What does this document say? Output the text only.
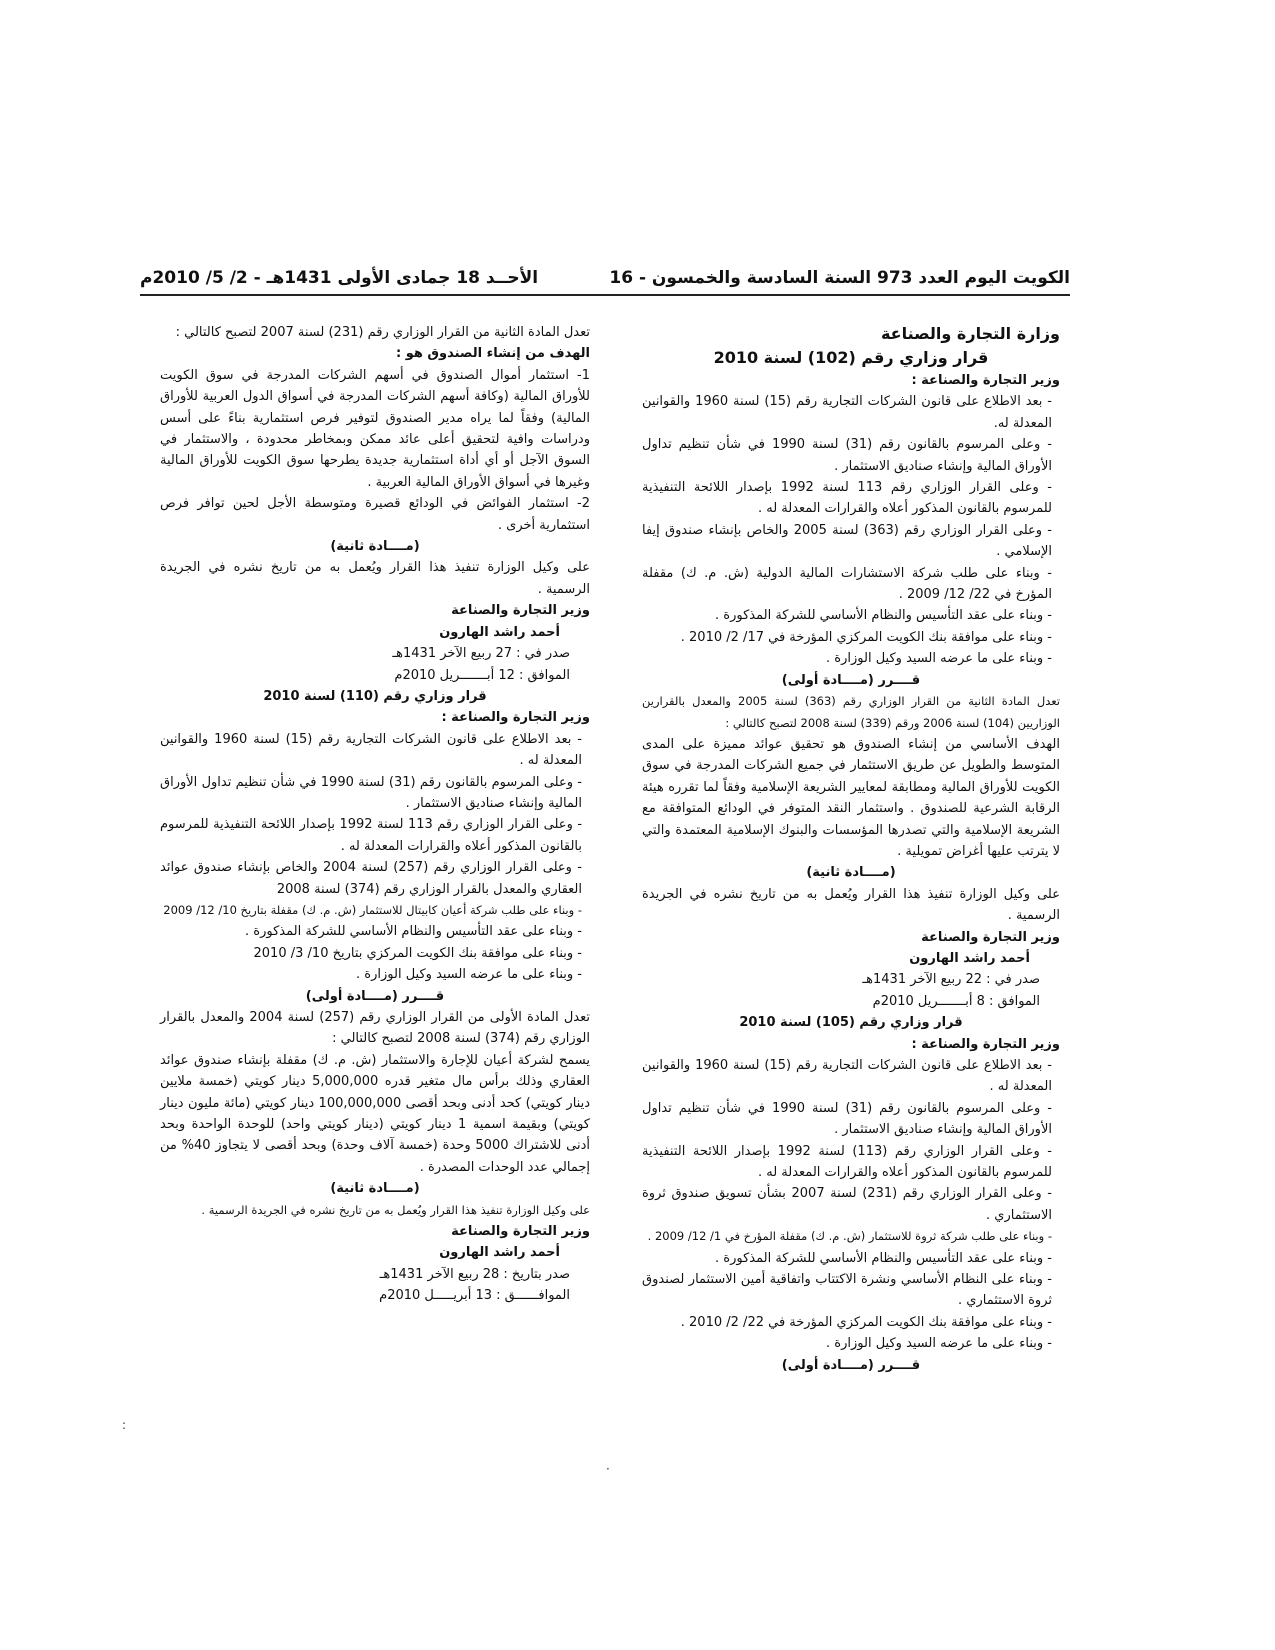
الكويت اليوم العدد 973 السنة السادسة والخمسون - 16
الأحــد 18 جمادى الأولى 1431هـ - 2/ 5/ 2010م

وزارة التجارة والصناعة

قرار وزاري رقم (102) لسنة 2010

وزير التجارة والصناعة :

- بعد الاطلاع على قانون الشركات التجارية رقم (15) لسنة 1960 والقوانين المعدلة له.

- وعلى المرسوم بالقانون رقم (31) لسنة 1990 في شأن تنظيم تداول الأوراق المالية وإنشاء صناديق الاستثمار .

- وعلى القرار الوزاري رقم 113 لسنة 1992 بإصدار اللائحة التنفيذية للمرسوم بالقانون المذكور أعلاه والقرارات المعدلة له .

- وعلى القرار الوزاري رقم (363) لسنة 2005 والخاص بإنشاء صندوق إيفا الإسلامي .

- وبناء على طلب شركة الاستشارات المالية الدولية (ش. م. ك) مقفلة المؤرخ في 22/ 12/ 2009 .

- وبناء على عقد التأسيس والنظام الأساسي للشركة المذكورة .

- وبناء على موافقة بنك الكويت المركزي المؤرخة في 17/ 2/ 2010 .

- وبناء على ما عرضه السيد وكيل الوزارة .

قــــرر (مــــادة أولى)

تعدل المادة الثانية من القرار الوزاري رقم (363) لسنة 2005 والمعدل بالقرارين الوزاريين (104) لسنة 2006 ورقم (339) لسنة 2008 لتصبح كالتالي :

الهدف الأساسي من إنشاء الصندوق هو تحقيق عوائد مميزة على المدى المتوسط والطويل عن طريق الاستثمار في جميع الشركات المدرجة في سوق الكويت للأوراق المالية ومطابقة لمعايير الشريعة الإسلامية وفقاً لما تقرره هيئة الرقابة الشرعية للصندوق . واستثمار النقد المتوفر في الودائع المتوافقة مع الشريعة الإسلامية والتي تصدرها المؤسسات والبنوك الإسلامية المعتمدة والتي لا يترتب عليها أغراض تمويلية .

(مــــادة ثانية)

على وكيل الوزارة تنفيذ هذا القرار ويُعمل به من تاريخ نشره في الجريدة الرسمية .

وزير التجارة والصناعة

أحمد راشد الهارون

صدر في : 22 ربيع الآخر 1431هـ

الموافق : 8 أبـــــــريل 2010م

قرار وزاري رقم (105) لسنة 2010

وزير التجارة والصناعة :

- بعد الاطلاع على قانون الشركات التجارية رقم (15) لسنة 1960 والقوانين المعدلة له .

- وعلى المرسوم بالقانون رقم (31) لسنة 1990 في شأن تنظيم تداول الأوراق المالية وإنشاء صناديق الاستثمار .

- وعلى القرار الوزاري رقم (113) لسنة 1992 بإصدار اللائحة التنفيذية للمرسوم بالقانون المذكور أعلاه والقرارات المعدلة له .

- وعلى القرار الوزاري رقم (231) لسنة 2007 بشأن تسويق صندوق ثروة الاستثماري .

- وبناء على طلب شركة ثروة للاستثمار (ش. م. ك) مقفلة المؤرخ في 1/ 12/ 2009 .

- وبناء على عقد التأسيس والنظام الأساسي للشركة المذكورة .

- وبناء على النظام الأساسي ونشرة الاكتتاب واتفاقية أمين الاستثمار لصندوق ثروة الاستثماري .

- وبناء على موافقة بنك الكويت المركزي المؤرخة في 22/ 2/ 2010 .

- وبناء على ما عرضه السيد وكيل الوزارة .

قــــرر (مــــادة أولى)

تعدل المادة الثانية من القرار الوزاري رقم (231) لسنة 2007 لتصبح كالتالي :

الهدف من إنشاء الصندوق هو :

1- استثمار أموال الصندوق في أسهم الشركات المدرجة في سوق الكويت للأوراق المالية (وكافة أسهم الشركات المدرجة في أسواق الدول العربية للأوراق المالية) وفقاً لما يراه مدير الصندوق لتوفير فرص استثمارية بناءً على أسس ودراسات وافية لتحقيق أعلى عائد ممكن وبمخاطر محدودة ، والاستثمار في السوق الآجل أو أي أداة استثمارية جديدة يطرحها سوق الكويت للأوراق المالية وغيرها في أسواق الأوراق المالية العربية .

2- استثمار الفوائض في الودائع قصيرة ومتوسطة الأجل لحين توافر فرص استثمارية أخرى .

(مــــادة ثانية)

على وكيل الوزارة تنفيذ هذا القرار ويُعمل به من تاريخ نشره في الجريدة الرسمية .

وزير التجارة والصناعة

أحمد راشد الهارون

صدر في : 27 ربيع الآخر 1431هـ

الموافق : 12 أبـــــــريل 2010م

قرار وزاري رقم (110) لسنة 2010

وزير التجارة والصناعة :

- بعد الاطلاع على قانون الشركات التجارية رقم (15) لسنة 1960 والقوانين المعدلة له .

- وعلى المرسوم بالقانون رقم (31) لسنة 1990 في شأن تنظيم تداول الأوراق المالية وإنشاء صناديق الاستثمار .

- وعلى القرار الوزاري رقم 113 لسنة 1992 بإصدار اللائحة التنفيذية للمرسوم بالقانون المذكور أعلاه والقرارات المعدلة له .

- وعلى القرار الوزاري رقم (257) لسنة 2004 والخاص بإنشاء صندوق عوائد العقاري والمعدل بالقرار الوزاري رقم (374) لسنة 2008

- وبناء على طلب شركة أعيان كابيتال للاستثمار (ش. م. ك) مقفلة بتاريخ 10/ 12/ 2009

- وبناء على عقد التأسيس والنظام الأساسي للشركة المذكورة .

- وبناء على موافقة بنك الكويت المركزي بتاريخ 10/ 3/ 2010

- وبناء على ما عرضه السيد وكيل الوزارة .

قــــرر (مــــادة أولى)

تعدل المادة الأولى من القرار الوزاري رقم (257) لسنة 2004 والمعدل بالقرار الوزاري رقم (374) لسنة 2008 لتصبح كالتالي :

يسمح لشركة أعيان للإجارة والاستثمار (ش. م. ك) مقفلة بإنشاء صندوق عوائد العقاري وذلك برأس مال متغير قدره 5,000,000 دينار كويتي (خمسة ملايين دينار كويتي) كحد أدنى وبحد أقصى 100,000,000 دينار كويتي (مائة مليون دينار كويتي) وبقيمة اسمية 1 دينار كويتي (دينار كويتي واحد) للوحدة الواحدة وبحد أدنى للاشتراك 5000 وحدة (خمسة آلاف وحدة) وبحد أقصى لا يتجاوز 40% من إجمالي عدد الوحدات المصدرة .

(مــــادة ثانية)

على وكيل الوزارة تنفيذ هذا القرار ويُعمل به من تاريخ نشره في الجريدة الرسمية .

وزير التجارة والصناعة

أحمد راشد الهارون

صدر بتاريخ : 28 ربيع الآخر 1431هـ

الموافــــــق : 13 أبريـــــل 2010م

:
·
